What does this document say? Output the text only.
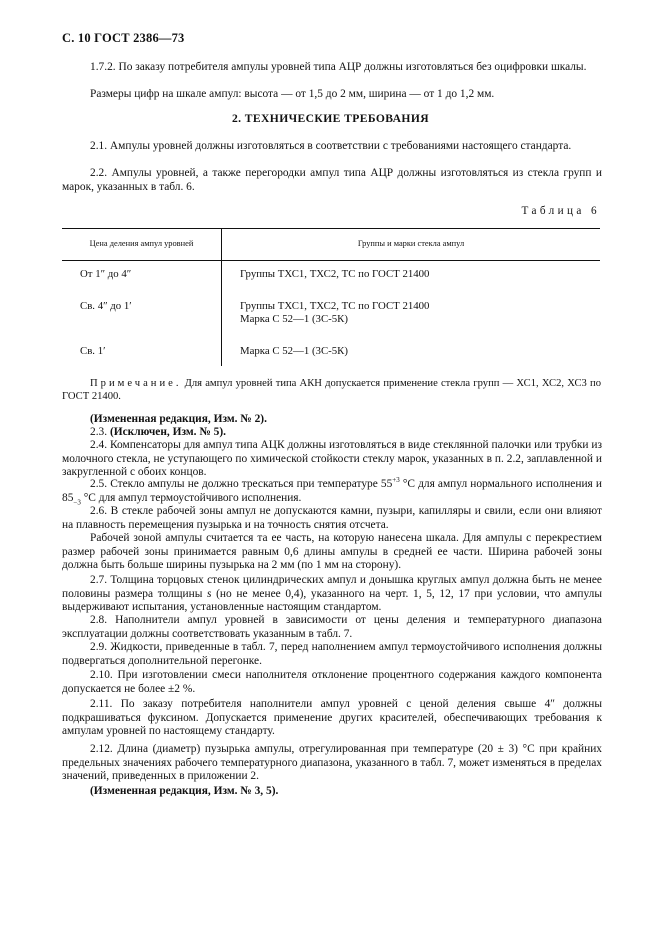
С. 10 ГОСТ 2386—73
1.7.2. По заказу потребителя ампулы уровней типа АЦР должны изготовляться без оцифровки шкалы.
Размеры цифр на шкале ампул: высота — от 1,5 до 2 мм, ширина — от 1 до 1,2 мм.
2. ТЕХНИЧЕСКИЕ ТРЕБОВАНИЯ
2.1. Ампулы уровней должны изготовляться в соответствии с требованиями настоящего стандарта.
2.2. Ампулы уровней, а также перегородки ампул типа АЦР должны изготовляться из стекла групп и марок, указанных в табл. 6.
Таблица 6
Цена деления ампул уровней	Группы и марки стекла ампул
От 1″ до 4″	Группы ТХС1, ТХС2, ТС по ГОСТ 21400
Св. 4″ до 1′	Группы ТХС1, ТХС2, ТС по ГОСТ 21400
Марка С 52—1 (3С-5К)
Св. 1′	Марка С 52—1 (3С-5К)
Примечание. Для ампул уровней типа АКН допускается применение стекла групп — ХС1, ХС2, ХС3 по ГОСТ 21400.
(Измененная редакция, Изм. № 2).
2.3. (Исключен, Изм. № 5).
2.4. Компенсаторы для ампул типа АЦК должны изготовляться в виде стеклянной палочки или трубки из молочного стекла, не уступающего по химической стойкости стеклу марок, указанных в п. 2.2, заплавленной и закругленной с обоих концов.
2.5. Стекло ампулы не должно трескаться при температуре $55^{+3}$ °С для ампул нормального исполнения и $85_{-3}$ °С для ампул термоустойчивого исполнения.
2.6. В стекле рабочей зоны ампул не допускаются камни, пузыри, капилляры и свили, если они влияют на плавность перемещения пузырька и на точность снятия отсчета.
Рабочей зоной ампулы считается та ее часть, на которую нанесена шкала. Для ампулы с перекрестием размер рабочей зоны принимается равным 0,6 длины ампулы в средней ее части. Ширина рабочей зоны должна быть больше ширины пузырька на 2 мм (по 1 мм на сторону).
2.7. Толщина торцовых стенок цилиндрических ампул и донышка круглых ампул должна быть не менее половины размера толщины s (но не менее 0,4), указанного на черт. 1, 5, 12, 17 при условии, что ампулы выдерживают испытания, установленные настоящим стандартом.
2.8. Наполнители ампул уровней в зависимости от цены деления и температурного диапазона эксплуатации должны соответствовать указанным в табл. 7.
2.9. Жидкости, приведенные в табл. 7, перед наполнением ампул термоустойчивого исполнения должны подвергаться дополнительной перегонке.
2.10. При изготовлении смеси наполнителя отклонение процентного содержания каждого компонента допускается не более ±2 %.
2.11. По заказу потребителя наполнители ампул уровней с ценой деления свыше 4″ должны подкрашиваться фуксином. Допускается применение других красителей, обеспечивающих требования к ампулам уровней по настоящему стандарту.
2.12. Длина (диаметр) пузырька ампулы, отрегулированная при температуре (20 ± 3) °С при крайних предельных значениях рабочего температурного диапазона, указанного в табл. 7, может изменяться в пределах значений, приведенных в приложении 2.
(Измененная редакция, Изм. № 3, 5).
